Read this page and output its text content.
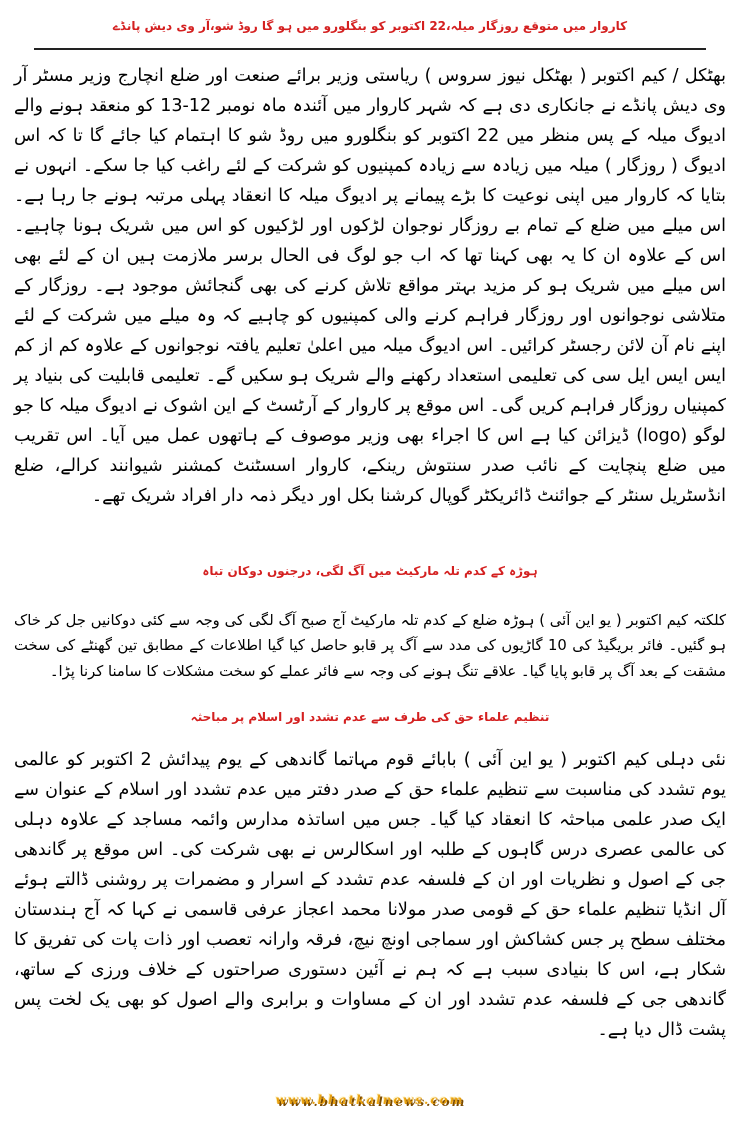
کاروار میں متوقع روزگار میلہ،22 اکتوبر کو بنگلورو میں ہو گا روڈ شو،آر وی دیش پانڈے
بھٹکل / کیم اکتوبر ( بھٹکل نیوز سروس ) ریاستی وزیر برائے صنعت اور ضلع انچارج وزیر مسٹر آر وی دیش پانڈے نے جانکاری دی ہے کہ شہر کاروار میں آئندہ ماہ نومبر 12-13 کو منعقد ہونے والے ادیوگ میلہ کے پس منظر میں 22 اکتوبر کو بنگلورو میں روڈ شو کا اہتمام کیا جائے گا تا کہ اس ادیوگ ( روزگار ) میلہ میں زیادہ سے زیادہ کمپنیوں کو شرکت کے لئے راغب کیا جا سکے۔ انہوں نے بتایا کہ کاروار میں اپنی نوعیت کا بڑے پیمانے پر ادیوگ میلہ کا انعقاد پہلی مرتبہ ہونے جا رہا ہے۔ اس میلے میں ضلع کے تمام بے روزگار نوجوان لڑکوں اور لڑکیوں کو اس میں شریک ہونا چاہیے۔ اس کے علاوہ ان کا یہ بھی کہنا تھا کہ اب جو لوگ فی الحال برسر ملازمت ہیں ان کے لئے بھی اس میلے میں شریک ہو کر مزید بہتر مواقع تلاش کرنے کی بھی گنجائش موجود ہے۔ روزگار کے متلاشی نوجوانوں اور روزگار فراہم کرنے والی کمپنیوں کو چاہیے کہ وہ میلے میں شرکت کے لئے اپنے نام آن لائن رجسٹر کرائیں۔ اس ادیوگ میلہ میں اعلیٰ تعلیم یافتہ نوجوانوں کے علاوہ کم از کم ایس ایس ایل سی کی تعلیمی استعداد رکھنے والے شریک ہو سکیں گے۔ تعلیمی قابلیت کی بنیاد پر کمپنیاں روزگار فراہم کریں گی۔ اس موقع پر کاروار کے آرٹسٹ کے این اشوک نے ادیوگ میلہ کا جو لوگو (logo) ڈیزائن کیا ہے اس کا اجراء بھی وزیر موصوف کے ہاتھوں عمل میں آیا۔ اس تقریب میں ضلع پنچایت کے نائب صدر سنتوش رینکے، کاروار اسسٹنٹ کمشنر شیوانند کرالے، ضلع انڈسٹریل سنٹر کے جوائنٹ ڈائریکٹر گوپال کرشنا بکل اور دیگر ذمہ دار افراد شریک تھے۔
ہوڑہ کے کدم تلہ مارکیٹ میں آگ لگی، درجنوں دوکان تباہ
کلکتہ کیم اکتوبر ( یو این آئی ) ہوڑہ ضلع کے کدم تلہ مارکیٹ آج صبح آگ لگی کی وجہ سے کئی دوکانیں جل کر خاک ہو گئیں۔ فائر بریگیڈ کی 10 گاڑیوں کی مدد سے آگ پر قابو حاصل کیا گیا اطلاعات کے مطابق تین گھنٹے کی سخت مشقت کے بعد آگ پر قابو پایا گیا۔ علاقے تنگ ہونے کی وجہ سے فائر عملے کو سخت مشکلات کا سامنا کرنا پڑا۔
تنظیم علماء حق کی طرف سے عدم تشدد اور اسلام پر مباحثہ
نئی دہلی کیم اکتوبر ( یو این آئی ) بابائے قوم مہاتما گاندھی کے یوم پیدائش 2 اکتوبر کو عالمی یوم تشدد کی مناسبت سے تنظیم علماء حق کے صدر دفتر میں عدم تشدد اور اسلام کے عنوان سے ایک صدر علمی مباحثہ کا انعقاد کیا گیا۔ جس میں اساتذہ مدارس وائمہ مساجد کے علاوہ دہلی کی عالمی عصری درس گاہوں کے طلبہ اور اسکالرس نے بھی شرکت کی۔ اس موقع پر گاندھی جی کے اصول و نظریات اور ان کے فلسفہ عدم تشدد کے اسرار و مضمرات پر روشنی ڈالتے ہوئے آل انڈیا تنظیم علماء حق کے قومی صدر مولانا محمد اعجاز عرفی قاسمی نے کہا کہ آج ہندستان مختلف سطح پر جس کشاکش اور سماجی اونچ نیچ، فرقہ وارانہ تعصب اور ذات پات کی تفریق کا شکار ہے، اس کا بنیادی سبب ہے کہ ہم نے آئین دستوری صراحتوں کے خلاف ورزی کے ساتھ، گاندھی جی کے فلسفہ عدم تشدد اور ان کے مساوات و برابری والے اصول کو بھی یک لخت پس پشت ڈال دیا ہے۔
www.bhatkalnews.com
